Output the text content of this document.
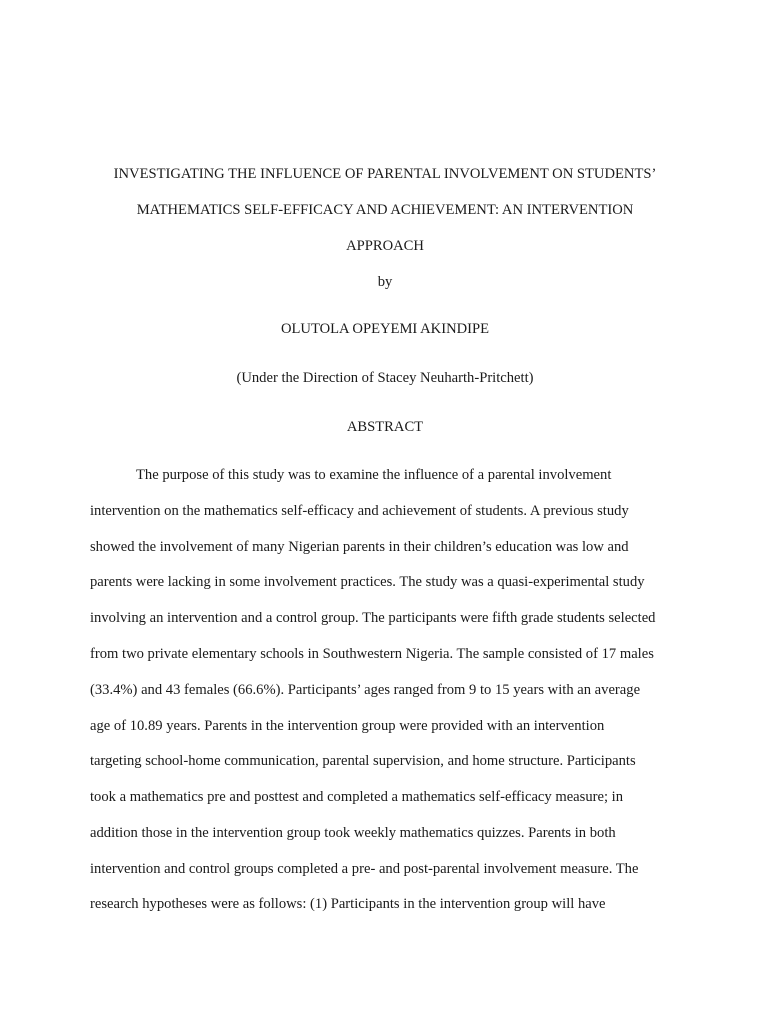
INVESTIGATING THE INFLUENCE OF PARENTAL INVOLVEMENT ON STUDENTS’
MATHEMATICS SELF-EFFICACY AND ACHIEVEMENT: AN INTERVENTION
APPROACH
by
OLUTOLA OPEYEMI AKINDIPE
(Under the Direction of Stacey Neuharth-Pritchett)
ABSTRACT
The purpose of this study was to examine the influence of a parental involvement
intervention on the mathematics self-efficacy and achievement of students. A previous study
showed the involvement of many Nigerian parents in their children’s education was low and
parents were lacking in some involvement practices. The study was a quasi-experimental study
involving an intervention and a control group. The participants were fifth grade students selected
from two private elementary schools in Southwestern Nigeria. The sample consisted of 17 males
(33.4%) and 43 females (66.6%). Participants’ ages ranged from 9 to 15 years with an average
age of 10.89 years. Parents in the intervention group were provided with an intervention
targeting school-home communication, parental supervision, and home structure. Participants
took a mathematics pre and posttest and completed a mathematics self-efficacy measure; in
addition those in the intervention group took weekly mathematics quizzes. Parents in both
intervention and control groups completed a pre- and post-parental involvement measure. The
research hypotheses were as follows: (1) Participants in the intervention group will have
